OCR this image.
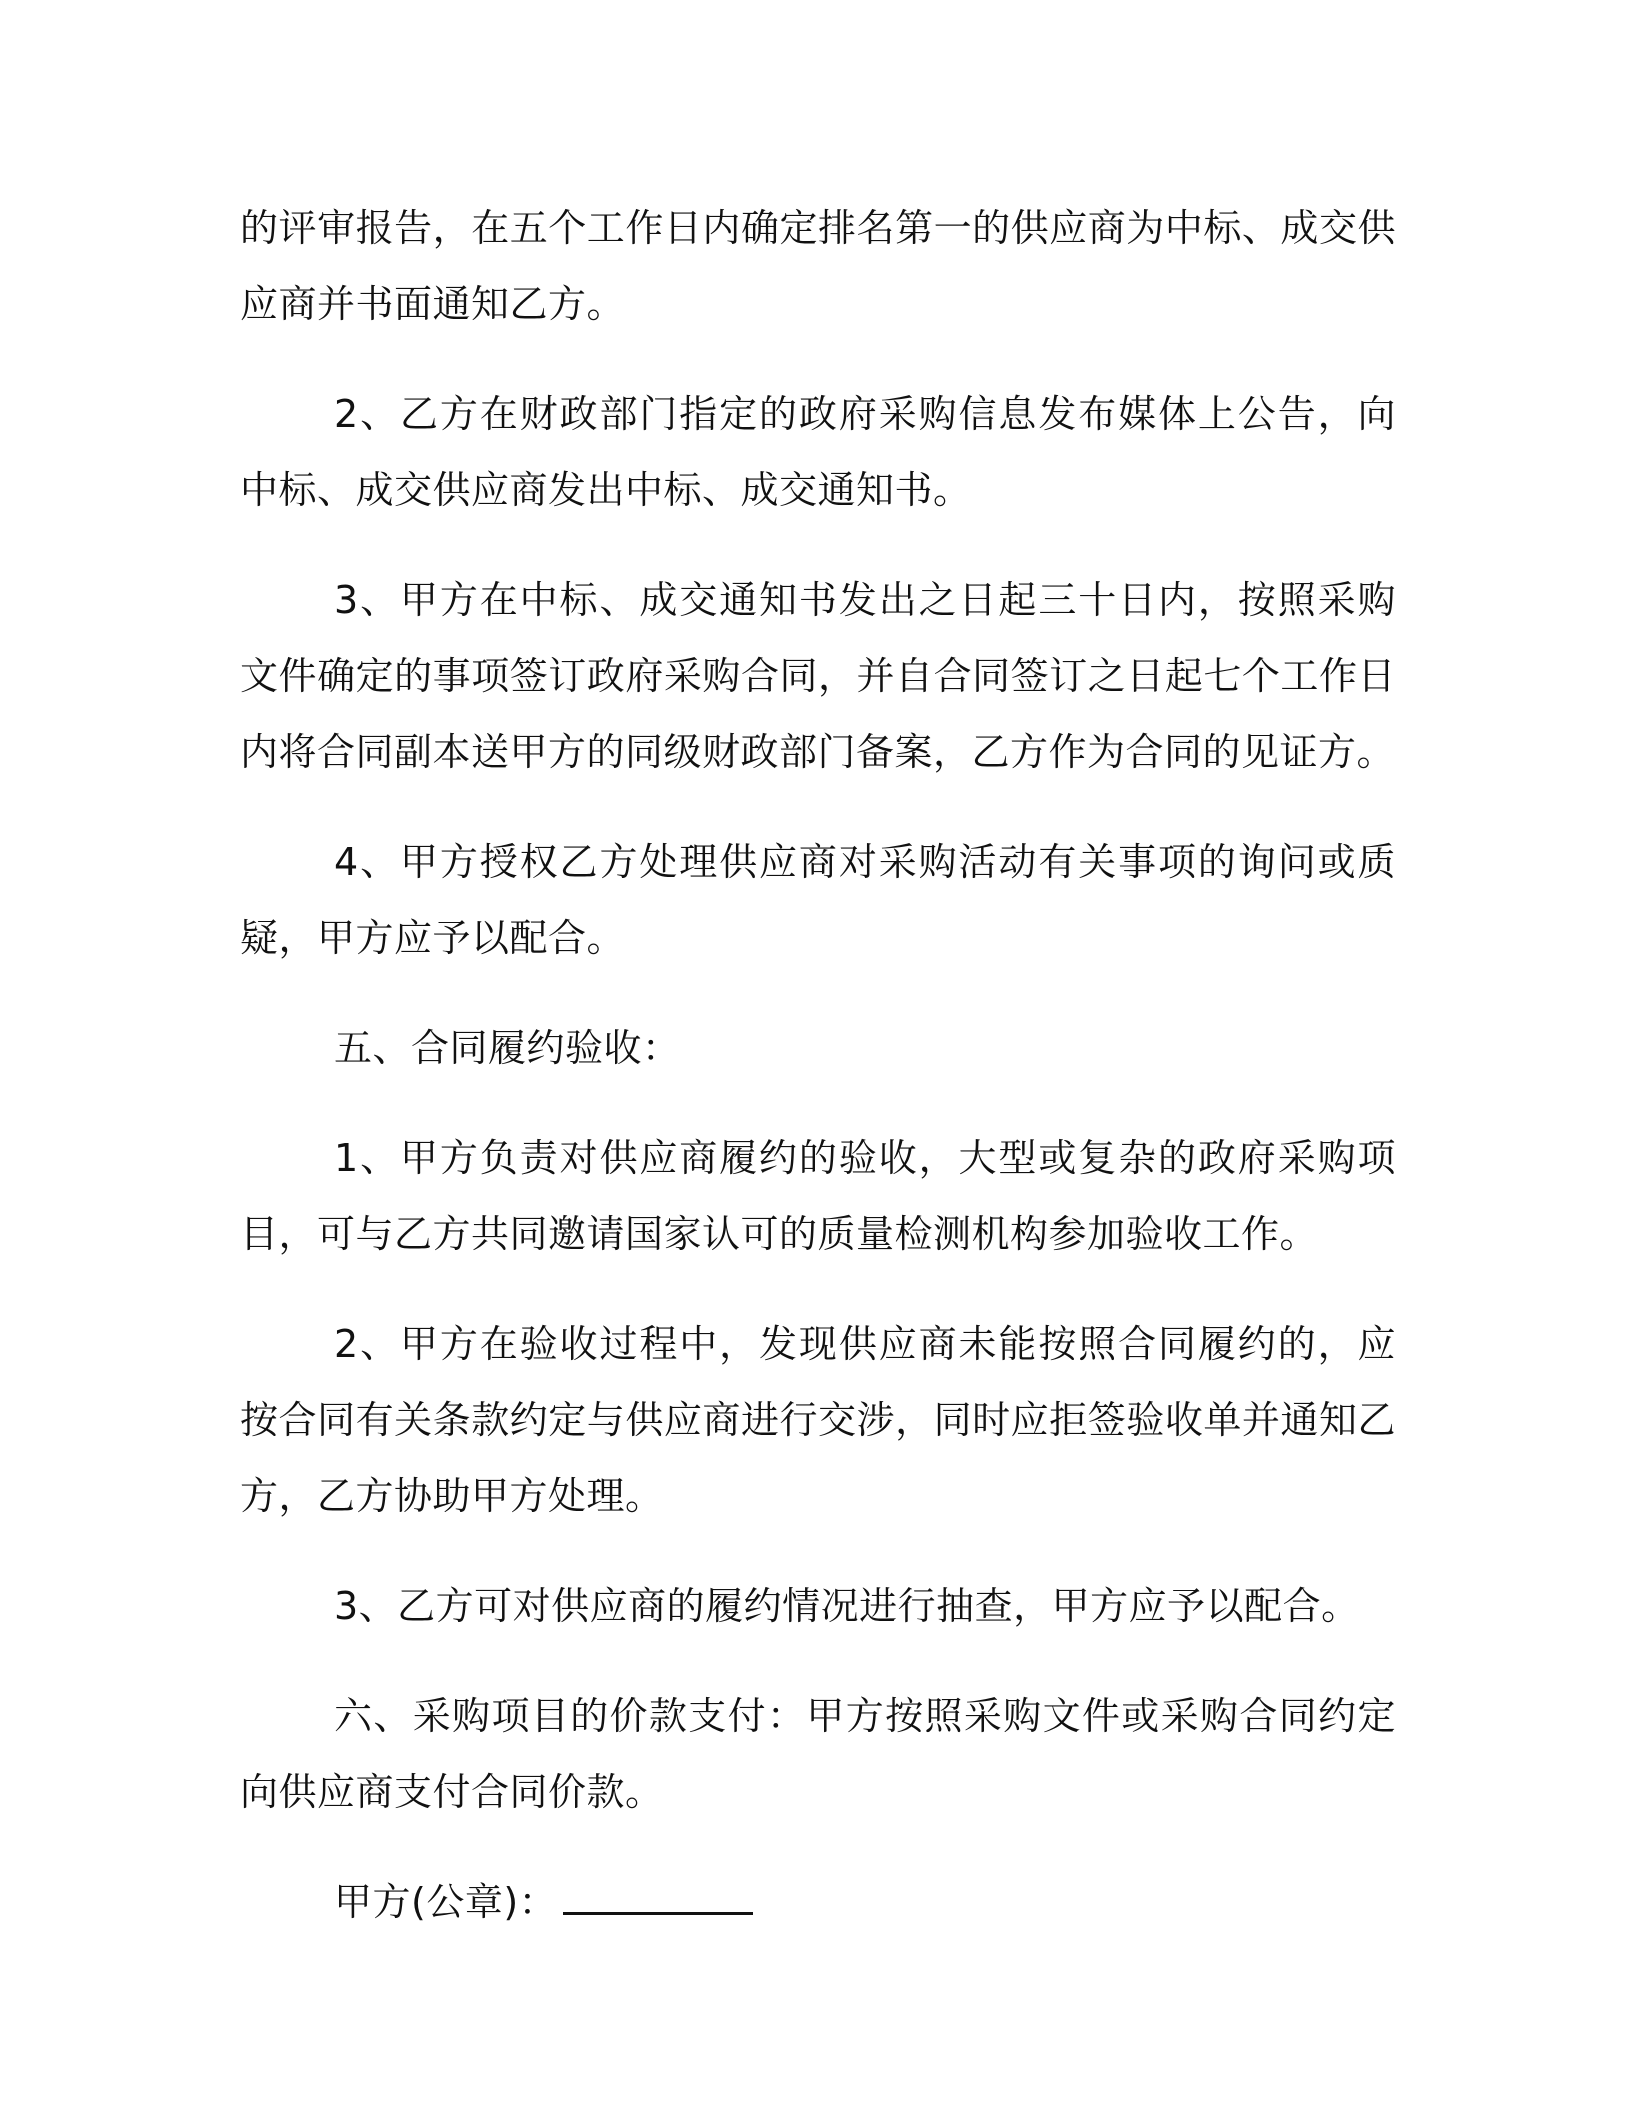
的评审报告，在五个工作日内确定排名第一的供应商为中标、成交供应商并书面通知乙方。

2、乙方在财政部门指定的政府采购信息发布媒体上公告，向中标、成交供应商发出中标、成交通知书。

3、甲方在中标、成交通知书发出之日起三十日内，按照采购文件确定的事项签订政府采购合同，并自合同签订之日起七个工作日内将合同副本送甲方的同级财政部门备案，乙方作为合同的见证方。

4、甲方授权乙方处理供应商对采购活动有关事项的询问或质疑，甲方应予以配合。

五、合同履约验收：

1、甲方负责对供应商履约的验收，大型或复杂的政府采购项目，可与乙方共同邀请国家认可的质量检测机构参加验收工作。

2、甲方在验收过程中，发现供应商未能按照合同履约的，应按合同有关条款约定与供应商进行交涉，同时应拒签验收单并通知乙方，乙方协助甲方处理。

3、乙方可对供应商的履约情况进行抽查，甲方应予以配合。

六、采购项目的价款支付：甲方按照采购文件或采购合同约定向供应商支付合同价款。

甲方(公章)：
